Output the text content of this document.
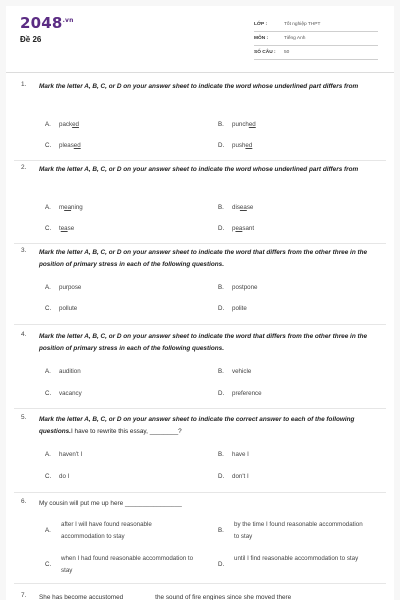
$2048^{.vn}$
Đề 26
LỚP :	Tốt nghiệp THPT
MÔN :	Tiếng Anh
SỐ CÂU : 50
1. Mark the letter A, B, C, or D on your answer sheet to indicate the word whose underlined part differs from
A. packed	B. punched
C. pleased	D. pushed
2. Mark the letter A, B, C, or D on your answer sheet to indicate the word whose underlined part differs from
A. meaning	B. disease
C. tease	D. peasant
3. Mark the letter A, B, C, or D on your answer sheet to indicate the word that differs from the other three in the position of primary stress in each of the following questions.
A. purpose	B. postpone
C. pollute	D. polite
4. Mark the letter A, B, C, or D on your answer sheet to indicate the word that differs from the other three in the position of primary stress in each of the following questions.
A. audition	B. vehicle
C. vacancy	D. preference
5. Mark the letter A, B, C, or D on your answer sheet to indicate the correct answer to each of the following questions.I have to rewrite this essay, ________?
A. haven't I	B. have I
C. do I	D. don't I
6. My cousin will put me up here ________________
A.
after I will have found reasonable accommodation to stay
B.
by the time I found reasonable accommodation to stay
C.
when I had found reasonable accommodation to stay
D.
until I find reasonable accommodation to stay
7. She has become accustomed ________ the sound of fire engines since she moved there
